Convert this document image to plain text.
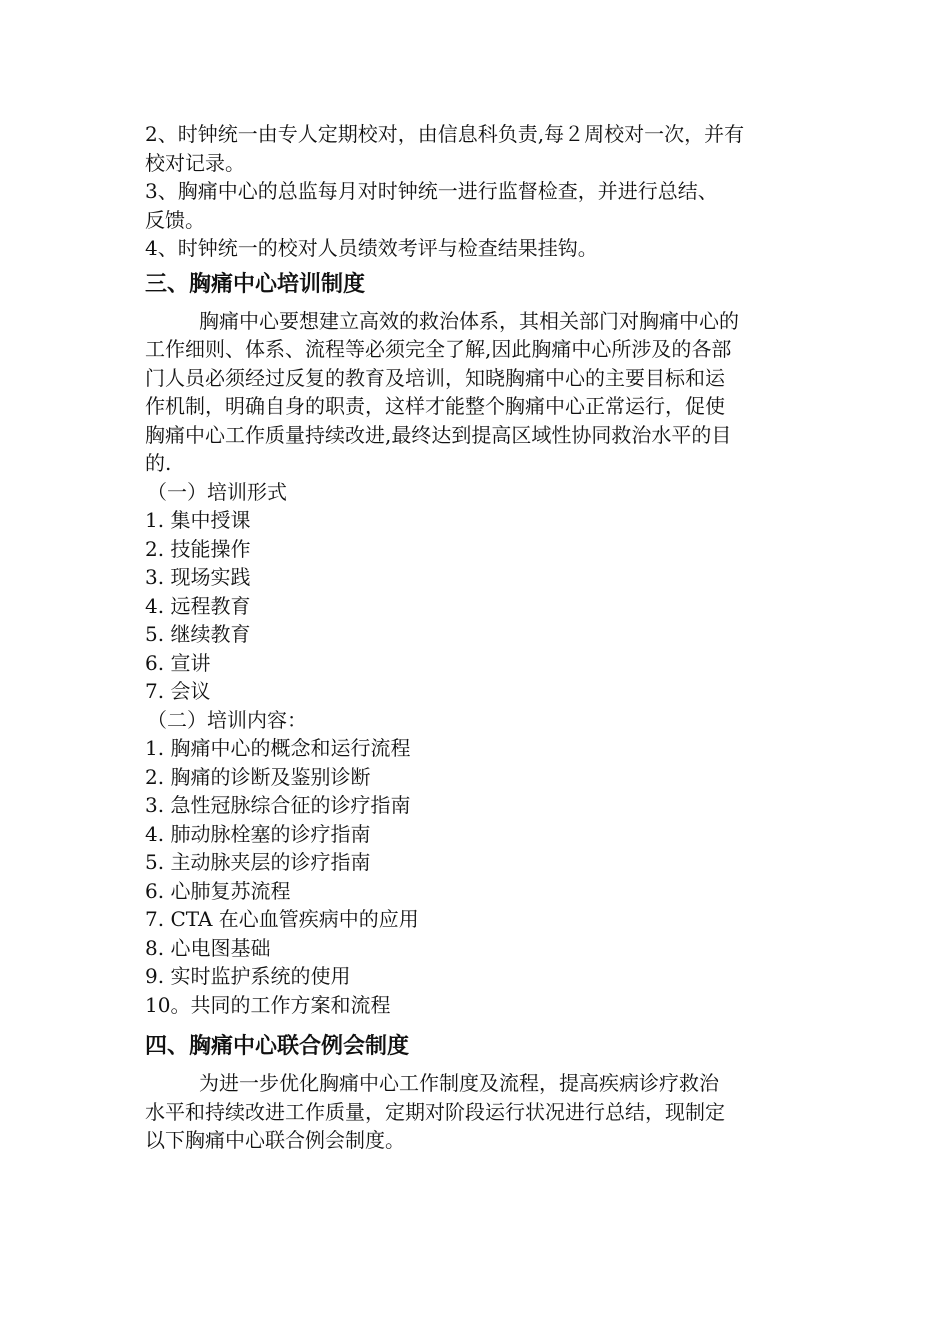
2、时钟统一由专人定期校对，由信息科负责,每２周校对一次，并有

校对记录。

3、胸痛中心的总监每月对时钟统一进行监督检查，并进行总结、

反馈。

4、时钟统一的校对人员绩效考评与检查结果挂钩。

三、胸痛中心培训制度

胸痛中心要想建立高效的救治体系，其相关部门对胸痛中心的

工作细则、体系、流程等必须完全了解,因此胸痛中心所涉及的各部

门人员必须经过反复的教育及培训，知晓胸痛中心的主要目标和运

作机制，明确自身的职责，这样才能整个胸痛中心正常运行，促使

胸痛中心工作质量持续改进,最终达到提高区域性协同救治水平的目

的.

（一）培训形式

1. 集中授课

2. 技能操作

3. 现场实践

4. 远程教育

5. 继续教育

6. 宣讲

7. 会议

（二）培训内容：

1. 胸痛中心的概念和运行流程

2. 胸痛的诊断及鉴别诊断

3. 急性冠脉综合征的诊疗指南

4. 肺动脉栓塞的诊疗指南

5. 主动脉夹层的诊疗指南

6. 心肺复苏流程

7. CTA 在心血管疾病中的应用

8. 心电图基础

9. 实时监护系统的使用

10。共同的工作方案和流程

四、胸痛中心联合例会制度

为进一步优化胸痛中心工作制度及流程，提高疾病诊疗救治

水平和持续改进工作质量，定期对阶段运行状况进行总结，现制定

以下胸痛中心联合例会制度。
